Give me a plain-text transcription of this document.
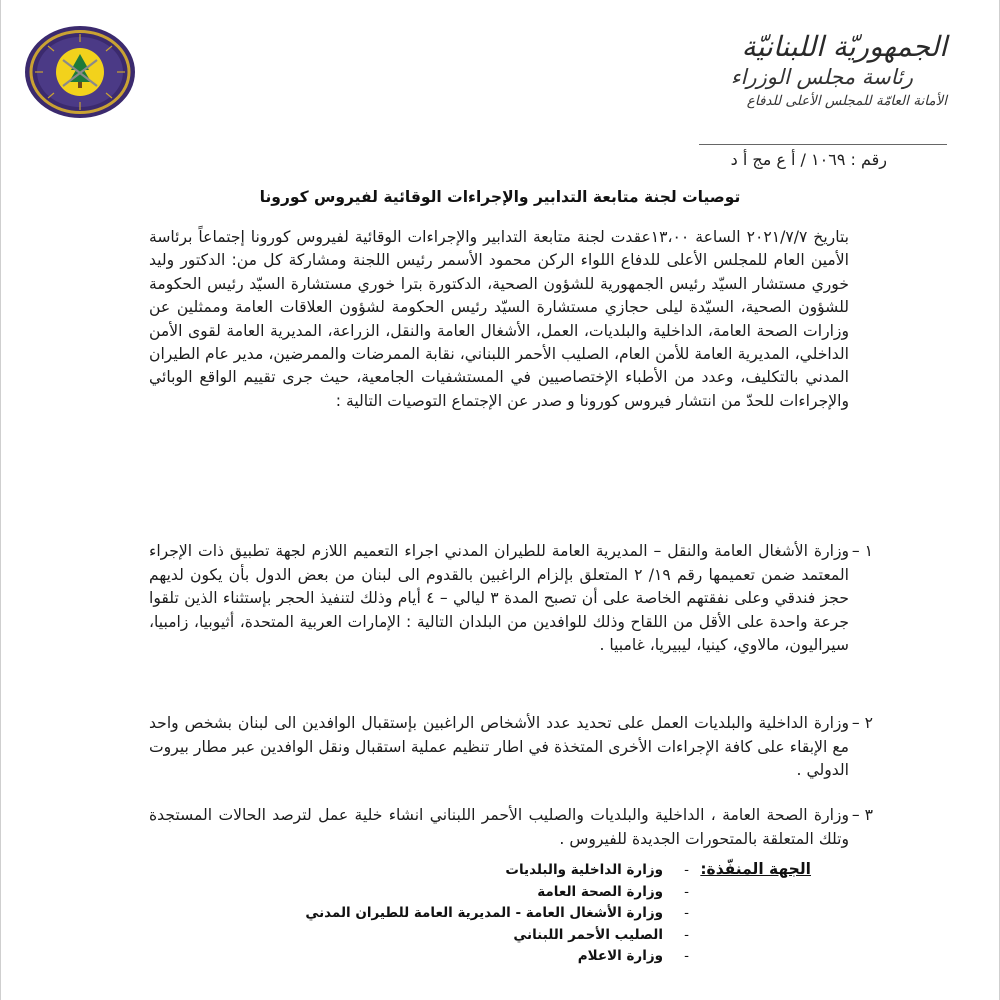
الجمهوريّة اللبنانيّة
رئاسة مجلس الوزراء
الأمانة العامّة للمجلس الأعلى للدفاع
رقم : ١٠٦٩ / أ ع مج أ د
توصيات لجنة متابعة التدابير والإجراءات الوقائية لفيروس كورونا
بتاريخ ٢٠٢١/٧/٧ الساعة ١٣،٠٠عقدت لجنة متابعة التدابير والإجراءات الوقائية لفيروس كورونا إجتماعاً برئاسة الأمين العام للمجلس الأعلى للدفاع اللواء الركن محمود الأسمر رئيس اللجنة ومشاركة كل من: الدكتور وليد خوري مستشار السيّد رئيس الجمهورية للشؤون الصحية، الدكتورة بترا خوري مستشارة السيّد رئيس الحكومة للشؤون الصحية، السيّدة ليلى حجازي مستشارة السيّد رئيس الحكومة لشؤون العلاقات العامة وممثلين عن وزارات الصحة العامة، الداخلية والبلديات، العمل، الأشغال العامة والنقل، الزراعة، المديرية العامة لقوى الأمن الداخلي، المديرية العامة للأمن العام، الصليب الأحمر اللبناني، نقابة الممرضات والممرضين، مدير عام الطيران المدني بالتكليف، وعدد من الأطباء الإختصاصيين في المستشفيات الجامعية، حيث جرى تقييم الواقع الوبائي والإجراءات للحدّ من انتشار فيروس كورونا و صدر عن الإجتماع التوصيات التالية :
١ –
وزارة الأشغال العامة والنقل – المديرية العامة للطيران المدني اجراء التعميم اللازم لجهة تطبيق ذات الإجراء المعتمد ضمن تعميمها رقم ١٩/ ٢ المتعلق بإلزام الراغبين بالقدوم الى لبنان من بعض الدول بأن يكون لديهم حجز فندقي وعلى نفقتهم الخاصة على أن تصبح المدة ٣ ليالي – ٤ أيام وذلك لتنفيذ الحجر بإستثناء الذين تلقوا جرعة واحدة على الأقل من اللقاح وذلك للوافدين من البلدان التالية : الإمارات العربية المتحدة، أثيوبيا، زامبيا، سيراليون، مالاوي، كينيا، ليبيريا، غامبيا .
٢ –
وزارة الداخلية والبلديات العمل على تحديد عدد الأشخاص الراغبين بإستقبال الوافدين الى لبنان بشخص واحد مع الإبقاء على كافة الإجراءات الأخرى المتخذة في اطار تنظيم عملية استقبال ونقل الوافدين عبر مطار بيروت الدولي .
٣ –
وزارة الصحة العامة ، الداخلية والبلديات والصليب الأحمر اللبناني انشاء خلية عمل لترصد الحالات المستجدة وتلك المتعلقة بالمتحورات الجديدة للفيروس .
الجهة المنفّذة:
-
وزارة الداخلية والبلديات
-
وزارة الصحة العامة
-
وزارة الأشغال العامة - المديرية العامة للطيران المدني
-
الصليب الأحمر اللبناني
-
وزارة الاعلام
